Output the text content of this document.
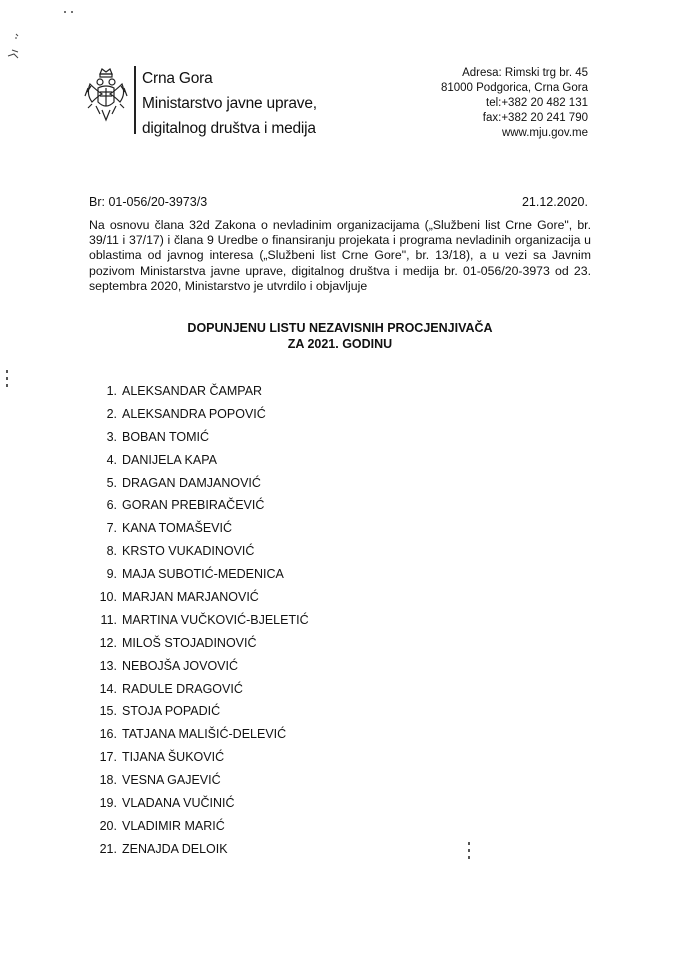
Crna Gora
Ministarstvo javne uprave,
digitalnog društva i medija
Adresa: Rimski trg br. 45
81000 Podgorica, Crna Gora
tel:+382 20 482 131
fax:+382 20 241 790
www.mju.gov.me
Br: 01-056/20-3973/3	21.12.2020.
Na osnovu člana 32d Zakona o nevladinim organizacijama („Službeni list Crne Gore", br. 39/11 i 37/17) i člana 9 Uredbe o finansiranju projekata i programa nevladinih organizacija u oblastima od javnog interesa („Službeni list Crne Gore", br. 13/18), a u vezi sa Javnim pozivom Ministarstva javne uprave, digitalnog društva i medija br. 01-056/20-3973 od 23. septembra 2020, Ministarstvo je utvrdilo i objavljuje
DOPUNJENU LISTU NEZAVISNIH PROCJENJIVAČA
ZA 2021. GODINU
1. ALEKSANDAR ČAMPAR
2. ALEKSANDRA POPOVIĆ
3. BOBAN TOMIĆ
4. DANIJELA KAPA
5. DRAGAN DAMJANOVIĆ
6. GORAN PREBIRAČEVIĆ
7. KANA TOMAŠEVIĆ
8. KRSTO VUKADINOVIĆ
9. MAJA SUBOTIĆ-MEDENICA
10. MARJAN MARJANOVIĆ
11. MARTINA VUČKOVIĆ-BJELETIĆ
12. MILOŠ STOJADINOVIĆ
13. NEBOJŠA JOVOVIĆ
14. RADULE DRAGOVIĆ
15. STOJA POPADIĆ
16. TATJANA MALIŠIĆ-DELEVIĆ
17. TIJANA ŠUKOVIĆ
18. VESNA GAJEVIĆ
19. VLADANA VUČINIĆ
20. VLADIMIR MARIĆ
21. ZENAJDA DELOIK
